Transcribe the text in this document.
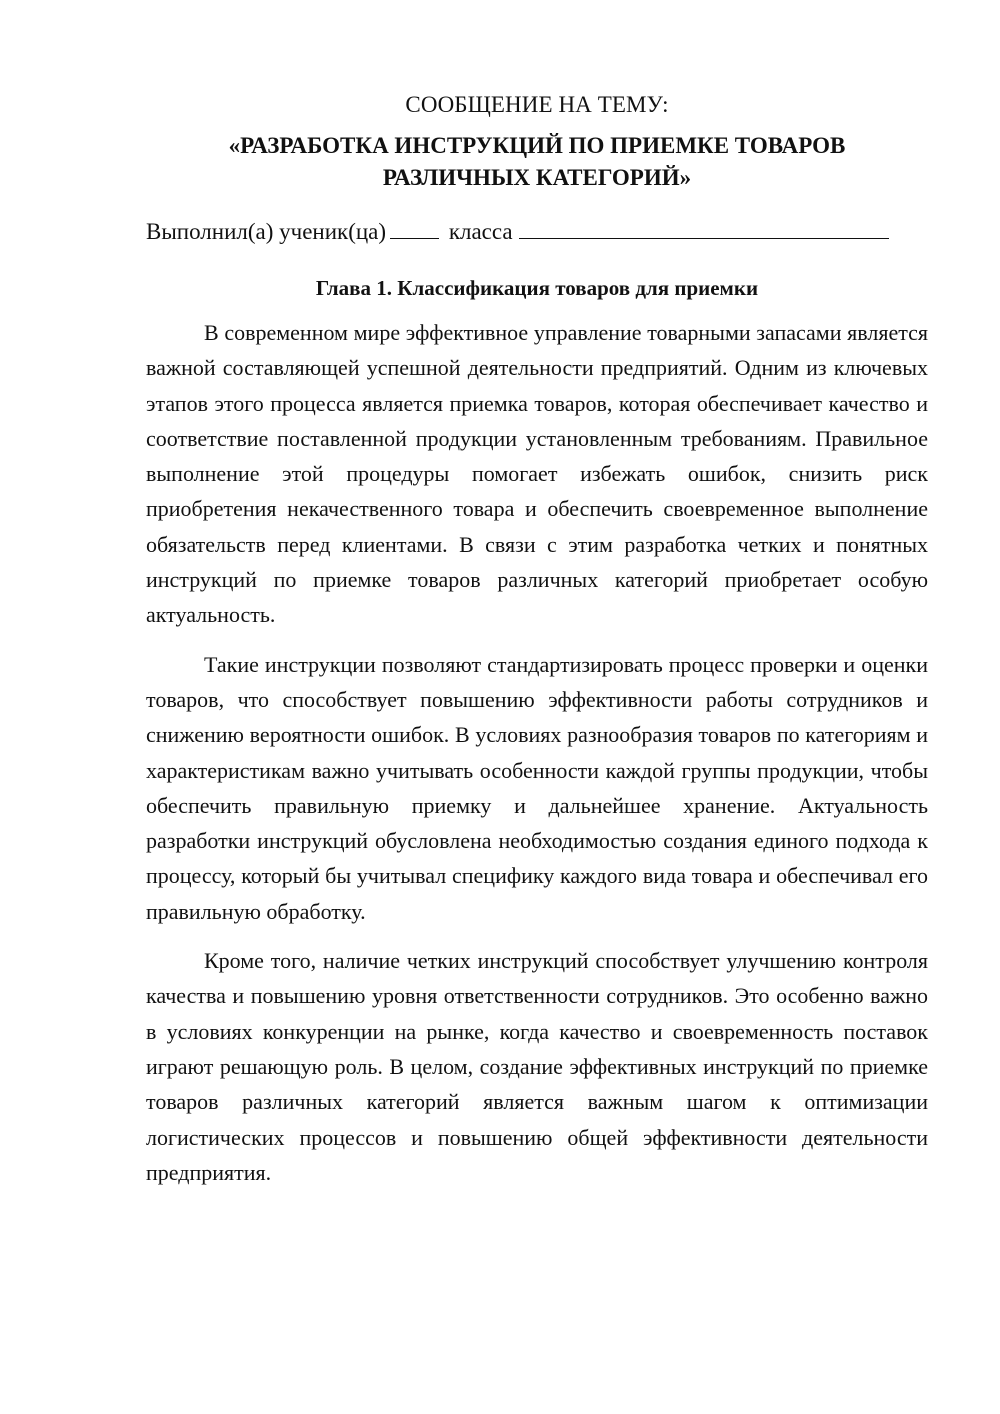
СООБЩЕНИЕ НА ТЕМУ:

«РАЗРАБОТКА ИНСТРУКЦИЙ ПО ПРИЕМКЕ ТОВАРОВ
РАЗЛИЧНЫХ КАТЕГОРИЙ»
Выполнил(а) ученик(ца)	класса
Глава 1. Классификация товаров для приемки

В современном мире эффективное управление товарными запасами является важной составляющей успешной деятельности предприятий. Одним из ключевых этапов этого процесса является приемка товаров, которая обеспечивает качество и соответствие поставленной продукции установленным требованиям. Правильное выполнение этой процедуры помогает избежать ошибок, снизить риск приобретения некачественного товара и обеспечить своевременное выполнение обязательств перед клиентами. В связи с этим разработка четких и понятных инструкций по приемке товаров различных категорий приобретает особую актуальность.

Такие инструкции позволяют стандартизировать процесс проверки и оценки товаров, что способствует повышению эффективности работы сотрудников и снижению вероятности ошибок. В условиях разнообразия товаров по категориям и характеристикам важно учитывать особенности каждой группы продукции, чтобы обеспечить правильную приемку и дальнейшее хранение. Актуальность разработки инструкций обусловлена необходимостью создания единого подхода к процессу, который бы учитывал специфику каждого вида товара и обеспечивал его правильную обработку.

Кроме того, наличие четких инструкций способствует улучшению контроля качества и повышению уровня ответственности сотрудников. Это особенно важно в условиях конкуренции на рынке, когда качество и своевременность поставок играют решающую роль. В целом, создание эффективных инструкций по приемке товаров различных категорий является важным шагом к оптимизации логистических процессов и повышению общей эффективности деятельности предприятия.
